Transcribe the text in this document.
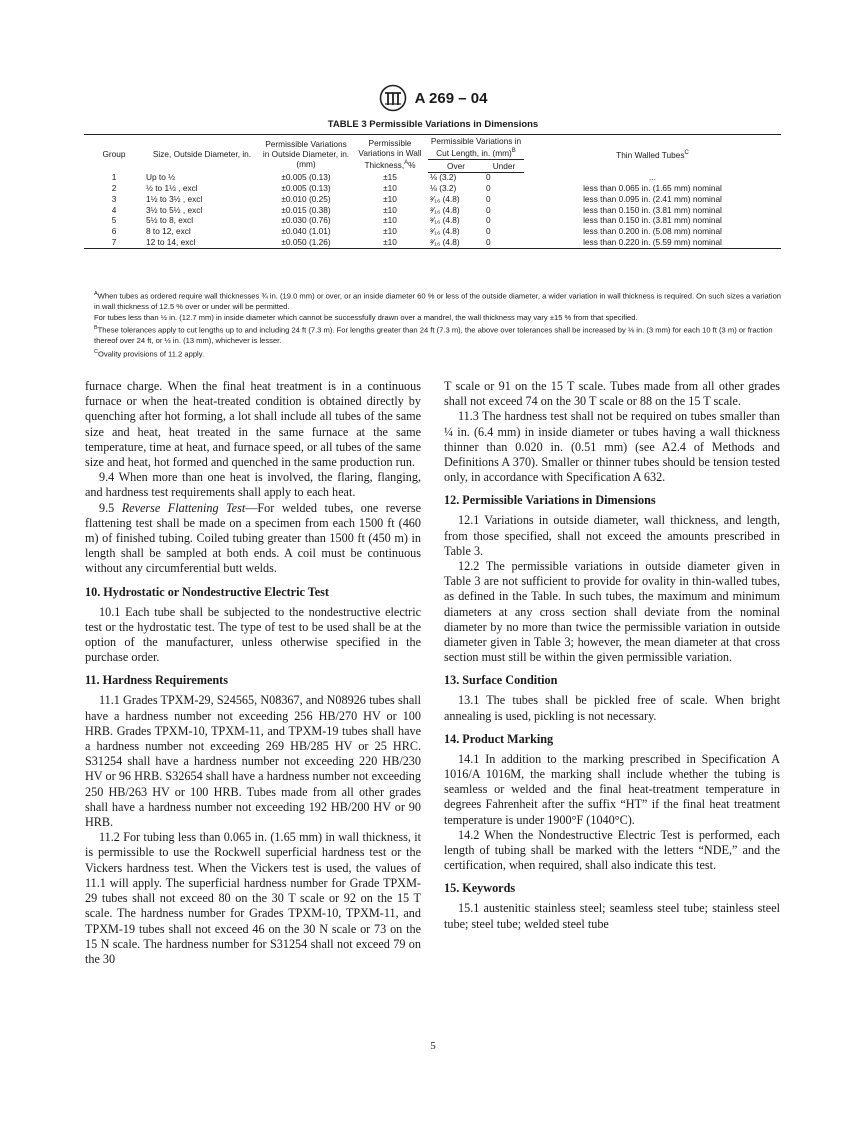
A 269 – 04
TABLE 3 Permissible Variations in Dimensions
Group	Size, Outside Diameter, in.	Permissible Variations in Outside Diameter, in. (mm)	Permissible Variations in Wall Thickness,$^A$%	Permissible Variations in Cut Length, in. (mm)$^B$		Thin Walled Tubes$^C$
				Over	Under	

1	Up to ½	±0.005 (0.13)	±15	⅛ (3.2)	0	...
2	½ to 1½ , excl	±0.005 (0.13)	±10	⅛ (3.2)	0	less than 0.065 in. (1.65 mm) nominal
3	1½ to 3½ , excl	±0.010 (0.25)	±10	³⁄₁₆ (4.8)	0	less than 0.095 in. (2.41 mm) nominal
4	3½ to 5½ , excl	±0.015 (0.38)	±10	³⁄₁₆ (4.8)	0	less than 0.150 in. (3.81 mm) nominal
5	5½ to 8, excl	±0.030 (0.76)	±10	³⁄₁₆ (4.8)	0	less than 0.150 in. (3.81 mm) nominal
6	8 to 12, excl	±0.040 (1.01)	±10	³⁄₁₆ (4.8)	0	less than 0.200 in. (5.08 mm) nominal
7	12 to 14, excl	±0.050 (1.26)	±10	³⁄₁₆ (4.8)	0	less than 0.220 in. (5.59 mm) nominal

$^A$When tubes as ordered require wall thicknesses ¾ in. (19.0 mm) or over, or an inside diameter 60 % or less of the outside diameter, a wider variation in wall thickness is required. On such sizes a variation in wall thickness of 12.5 % over or under will be permitted.

For tubes less than ½ in. (12.7 mm) in inside diameter which cannot be successfully drawn over a mandrel, the wall thickness may vary ±15 % from that specified.

$^B$These tolerances apply to cut lengths up to and including 24 ft (7.3 m). For lengths greater than 24 ft (7.3 m), the above over tolerances shall be increased by ⅛ in. (3 mm) for each 10 ft (3 m) or fraction thereof over 24 ft, or ½ in. (13 mm), whichever is lesser.

$^C$Ovality provisions of 11.2 apply.

furnace charge. When the final heat treatment is in a continuous furnace or when the heat-treated condition is obtained directly by quenching after hot forming, a lot shall include all tubes of the same size and heat, heat treated in the same furnace at the same temperature, time at heat, and furnace speed, or all tubes of the same size and heat, hot formed and quenched in the same production run.

9.4 When more than one heat is involved, the flaring, flanging, and hardness test requirements shall apply to each heat.

9.5 Reverse Flattening Test—For welded tubes, one reverse flattening test shall be made on a specimen from each 1500 ft (460 m) of finished tubing. Coiled tubing greater than 1500 ft (450 m) in length shall be sampled at both ends. A coil must be continuous without any circumferential butt welds.

10. Hydrostatic or Nondestructive Electric Test

10.1 Each tube shall be subjected to the nondestructive electric test or the hydrostatic test. The type of test to be used shall be at the option of the manufacturer, unless otherwise specified in the purchase order.

11. Hardness Requirements

11.1 Grades TPXM-29, S24565, N08367, and N08926 tubes shall have a hardness number not exceeding 256 HB/270 HV or 100 HRB. Grades TPXM-10, TPXM-11, and TPXM-19 tubes shall have a hardness number not exceeding 269 HB/285 HV or 25 HRC. S31254 shall have a hardness number not exceeding 220 HB/230 HV or 96 HRB. S32654 shall have a hardness number not exceeding 250 HB/263 HV or 100 HRB. Tubes made from all other grades shall have a hardness number not exceeding 192 HB/200 HV or 90 HRB.

11.2 For tubing less than 0.065 in. (1.65 mm) in wall thickness, it is permissible to use the Rockwell superficial hardness test or the Vickers hardness test. When the Vickers test is used, the values of 11.1 will apply. The superficial hardness number for Grade TPXM-29 tubes shall not exceed 80 on the 30 T scale or 92 on the 15 T scale. The hardness number for Grades TPXM-10, TPXM-11, and TPXM-19 tubes shall not exceed 46 on the 30 N scale or 73 on the 15 N scale. The hardness number for S31254 shall not exceed 79 on the 30

T scale or 91 on the 15 T scale. Tubes made from all other grades shall not exceed 74 on the 30 T scale or 88 on the 15 T scale.

11.3 The hardness test shall not be required on tubes smaller than ¼ in. (6.4 mm) in inside diameter or tubes having a wall thickness thinner than 0.020 in. (0.51 mm) (see A2.4 of Methods and Definitions A 370). Smaller or thinner tubes should be tension tested only, in accordance with Specification A 632.

12. Permissible Variations in Dimensions

12.1 Variations in outside diameter, wall thickness, and length, from those specified, shall not exceed the amounts prescribed in Table 3.

12.2 The permissible variations in outside diameter given in Table 3 are not sufficient to provide for ovality in thin-walled tubes, as defined in the Table. In such tubes, the maximum and minimum diameters at any cross section shall deviate from the nominal diameter by no more than twice the permissible variation in outside diameter given in Table 3; however, the mean diameter at that cross section must still be within the given permissible variation.

13. Surface Condition

13.1 The tubes shall be pickled free of scale. When bright annealing is used, pickling is not necessary.

14. Product Marking

14.1 In addition to the marking prescribed in Specification A 1016/A 1016M, the marking shall include whether the tubing is seamless or welded and the final heat-treatment temperature in degrees Fahrenheit after the suffix “HT” if the final heat treatment temperature is under 1900°F (1040°C).

14.2 When the Nondestructive Electric Test is performed, each length of tubing shall be marked with the letters “NDE,” and the certification, when required, shall also indicate this test.

15. Keywords

15.1 austenitic stainless steel; seamless steel tube; stainless steel tube; steel tube; welded steel tube

5
